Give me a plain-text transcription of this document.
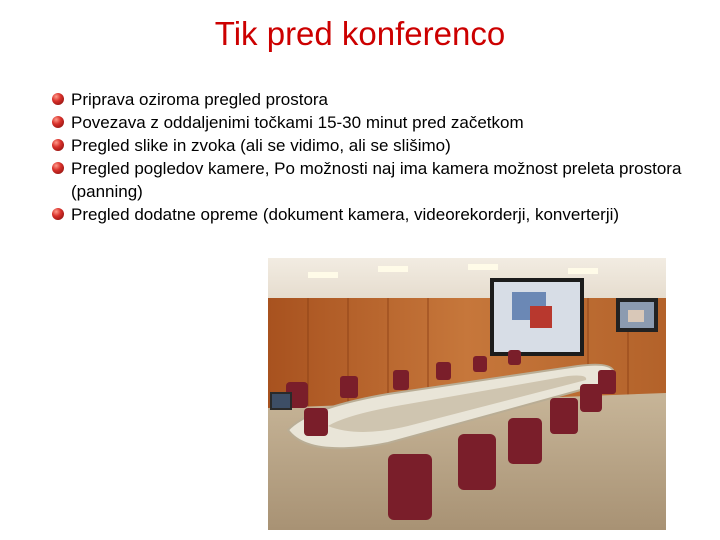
Tik pred konferenco
Priprava oziroma pregled prostora
Povezava z oddaljenimi točkami 15-30 minut pred začetkom
Pregled slike in zvoka (ali se vidimo, ali se slišimo)
Pregled pogledov kamere, Po možnosti naj ima kamera možnost preleta prostora (panning)
Pregled dodatne opreme (dokument kamera, videorekorderji, konverterji)
